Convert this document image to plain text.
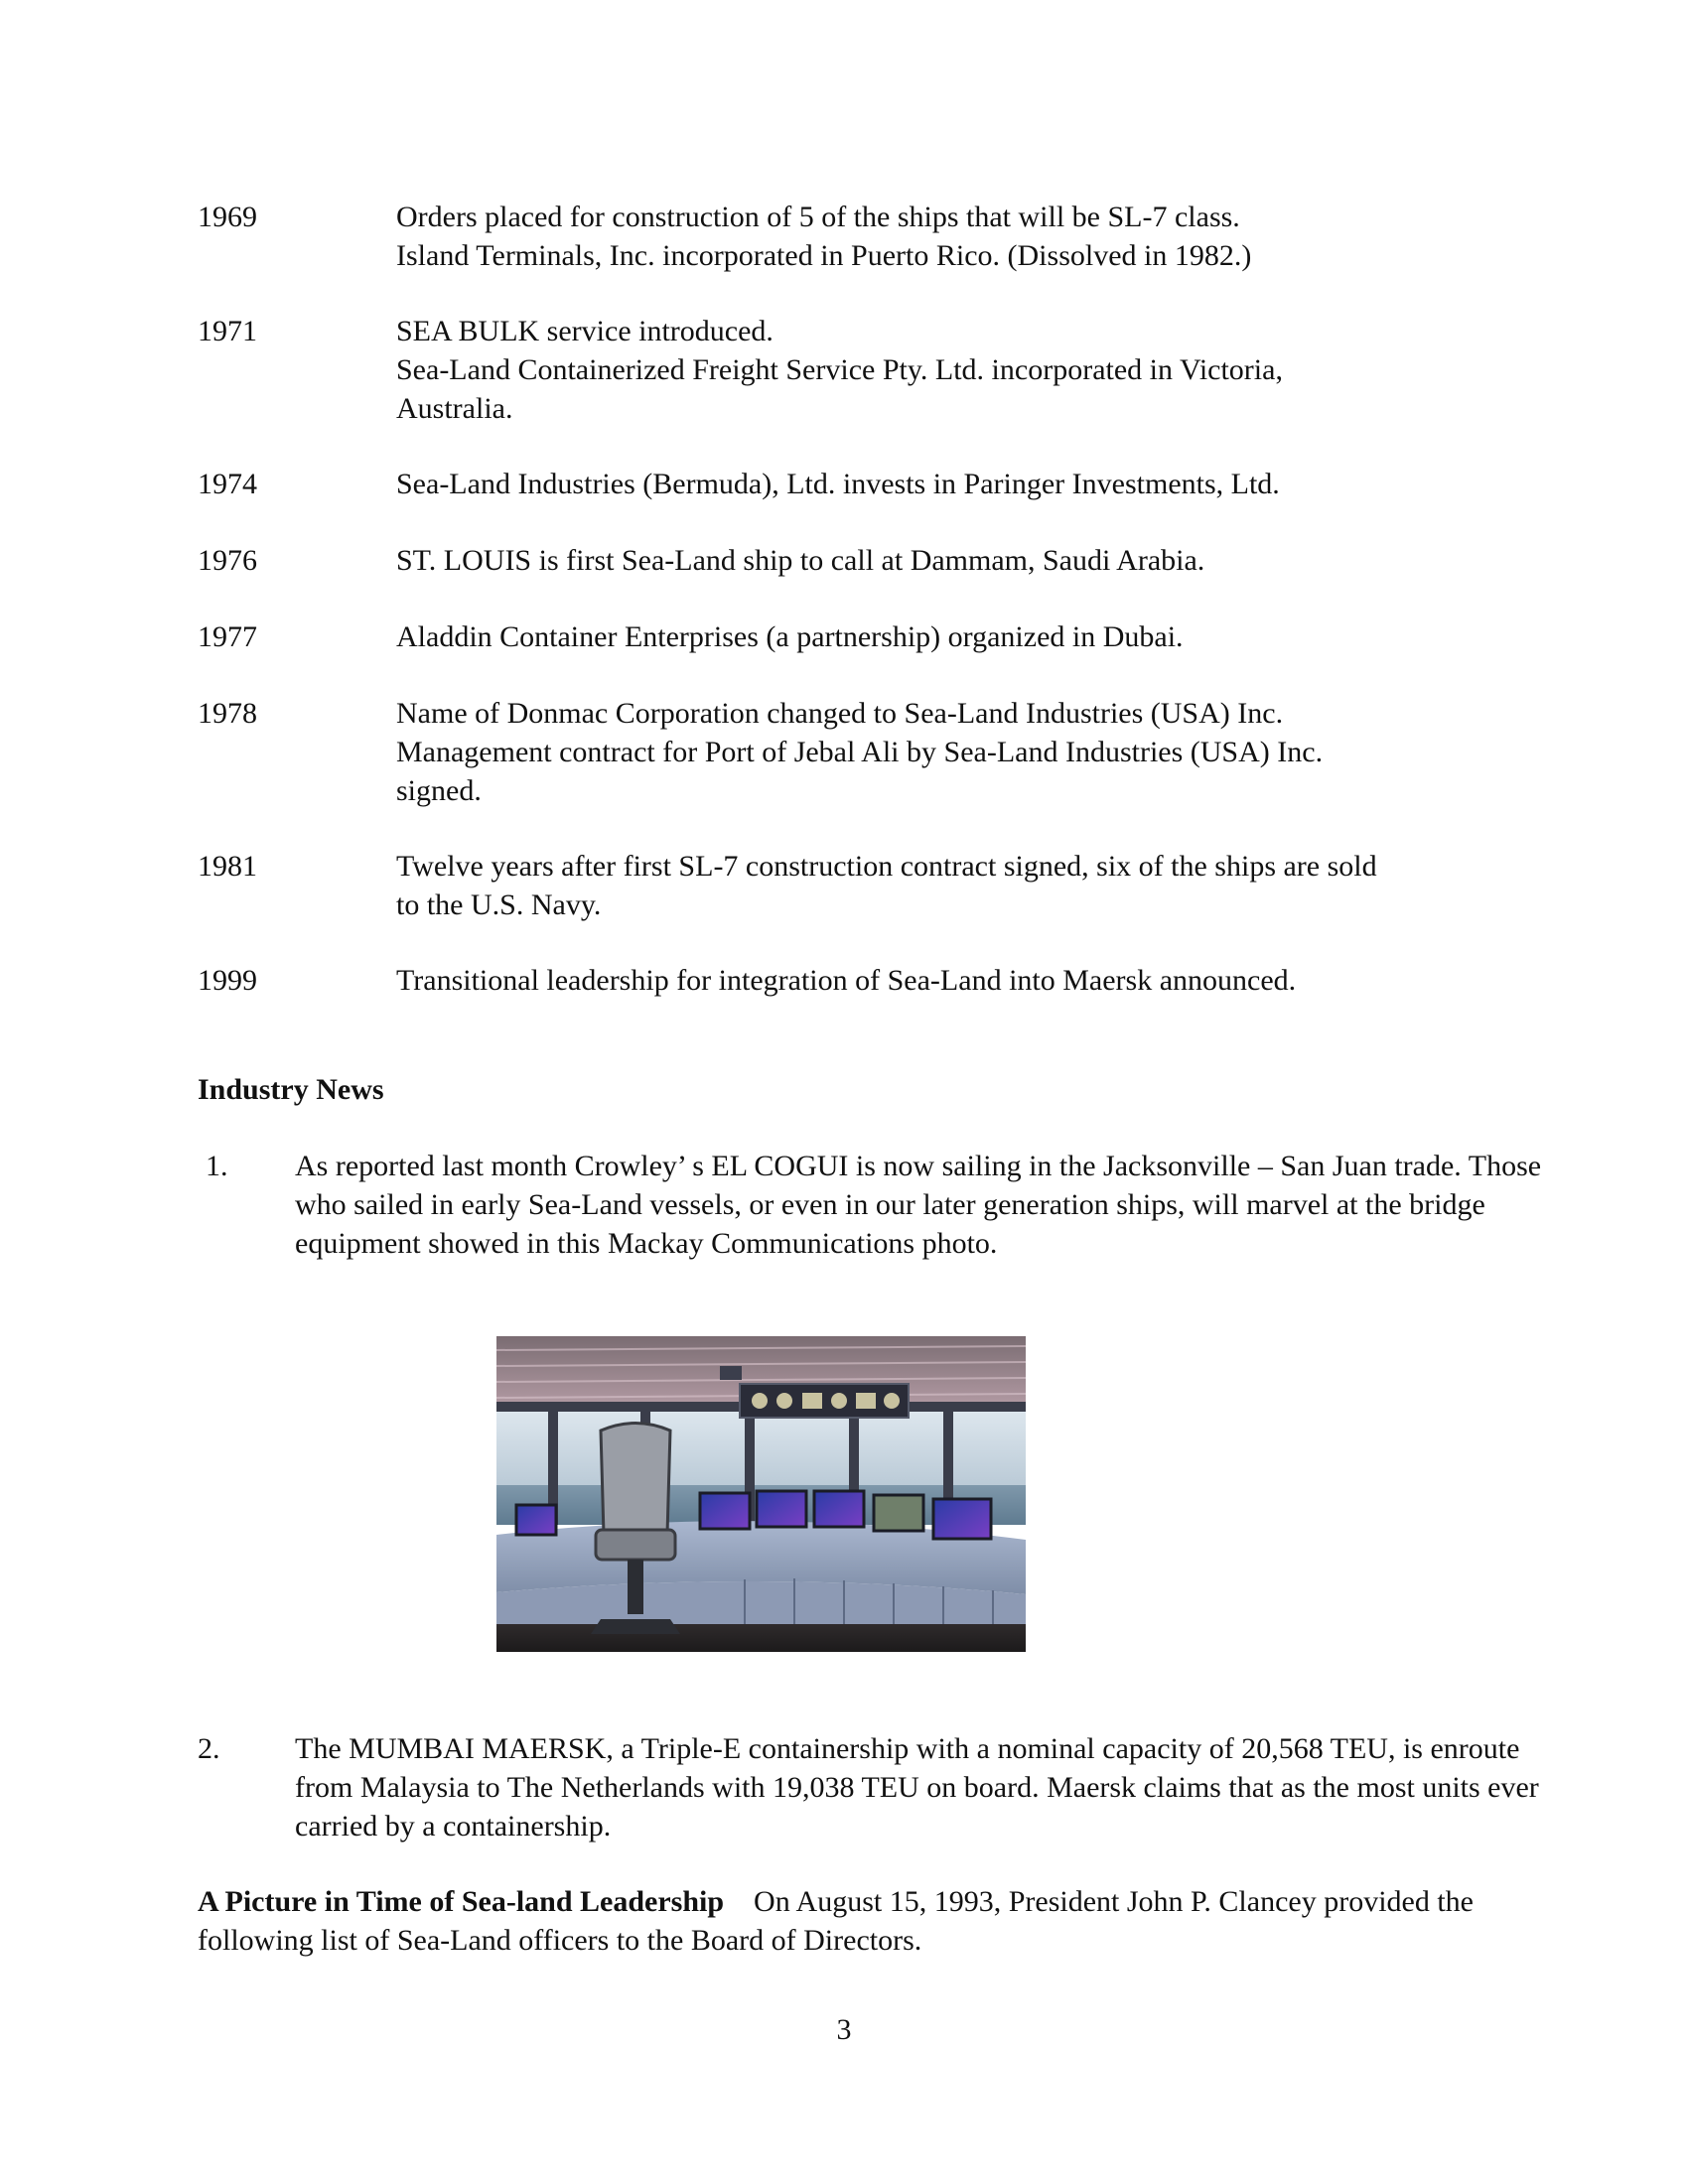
1969	Orders placed for construction of 5 of the ships that will be SL-7 class.
Island Terminals, Inc. incorporated in Puerto Rico. (Dissolved in 1982.)
1971	SEA BULK service introduced.
Sea-Land Containerized Freight Service Pty. Ltd. incorporated in Victoria,
Australia.
1974	Sea-Land Industries (Bermuda), Ltd. invests in Paringer Investments, Ltd.
1976	ST. LOUIS is first Sea-Land ship to call at Dammam, Saudi Arabia.
1977	Aladdin Container Enterprises (a partnership) organized in Dubai.
1978	Name of Donmac Corporation changed to Sea-Land Industries (USA) Inc.
Management contract for Port of Jebal Ali by Sea-Land Industries (USA) Inc.
signed.
1981	Twelve years after first SL-7 construction contract signed, six of the ships are sold
to the U.S. Navy.
1999	Transitional leadership for integration of Sea-Land into Maersk announced.
Industry News
1. As reported last month Crowley’ s EL COGUI is now sailing in the Jacksonville – San Juan trade. Those who sailed in early Sea-Land vessels, or even in our later generation ships, will marvel at the bridge equipment showed in this Mackay Communications photo.
2.	The MUMBAI MAERSK, a Triple-E containership with a nominal capacity of 20,568 TEU, is enroute from Malaysia to The Netherlands with 19,038 TEU on board. Maersk claims that as the most units ever carried by a containership.
A Picture in Time of Sea-land Leadership On August 15, 1993, President John P. Clancey provided the following list of Sea-Land officers to the Board of Directors.
3
